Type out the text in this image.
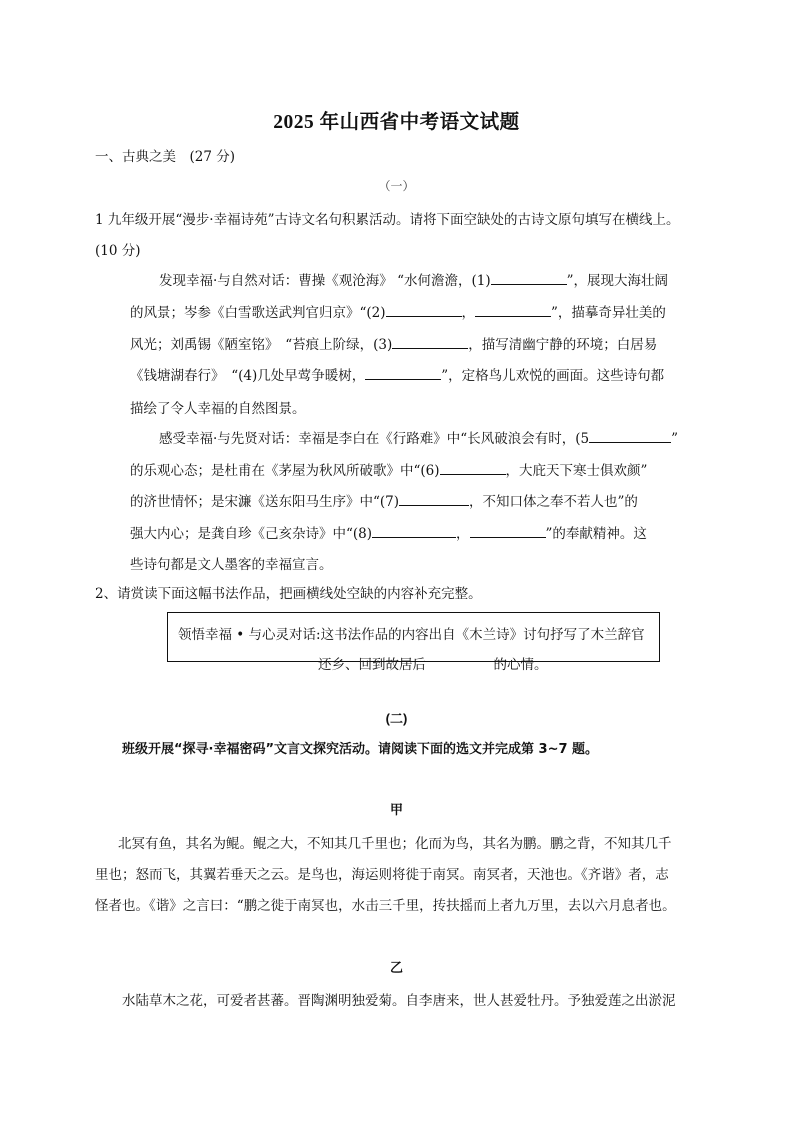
2025 年山西省中考语文试题
一、古典之美　(27 分)
（一）
1 九年级开展“漫步·幸福诗苑”古诗文名句积累活动。请将下面空缺处的古诗文原句填写在横线上。
(10 分)
发现幸福·与自然对话：曹操《观沧海》 “水何澹澹，(1)	”，展现大海壮阔
的风景；岑参《白雪歌送武判官归京》“(2)	，	”，描摹奇异壮美的
风光；刘禹锡《陋室铭》　“苔痕上阶绿，(3)	，描写清幽宁静的环境；白居易
《钱塘湖春行》　“(4)几处早莺争暖树，	”，定格鸟儿欢悦的画面。这些诗句都
描绘了令人幸福的自然图景。
感受幸福·与先贤对话：幸福是李白在《行路难》中“长风破浪会有时，(5	”
的乐观心态；是杜甫在《茅屋为秋风所破歌》中“(6)	，大庇天下寒士俱欢颜”
的济世情怀；是宋濂《送东阳马生序》中“(7)	，不知口体之奉不若人也”的
强大内心；是龚自珍《己亥杂诗》中“(8)	，	”的奉献精神。这
些诗句都是文人墨客的幸福宣言。
2、请赏读下面这幅书法作品，把画横线处空缺的内容补充完整。
领悟幸福 • 与心灵对话:这书法作品的内容出自《木兰诗》讨句抒写了木兰辞官
还乡、回到故居后　　　　　的心情。
(二)
班级开展“探寻·幸福密码”文言文探究活动。请阅读下面的选文并完成第 3~7 题。
甲
北冥有鱼，其名为鲲。鲲之大，不知其几千里也；化而为鸟，其名为鹏。鹏之背，不知其几千
里也；怒而飞，其翼若垂天之云。是鸟也，海运则将徙于南冥。南冥者，天池也。《齐谐》者，志
怪者也。《谐》之言曰：“鹏之徙于南冥也，水击三千里，抟扶摇而上者九万里，去以六月息者也。
乙
水陆草木之花，可爱者甚蕃。晋陶渊明独爱菊。自李唐来，世人甚爱牡丹。予独爱莲之出淤泥
